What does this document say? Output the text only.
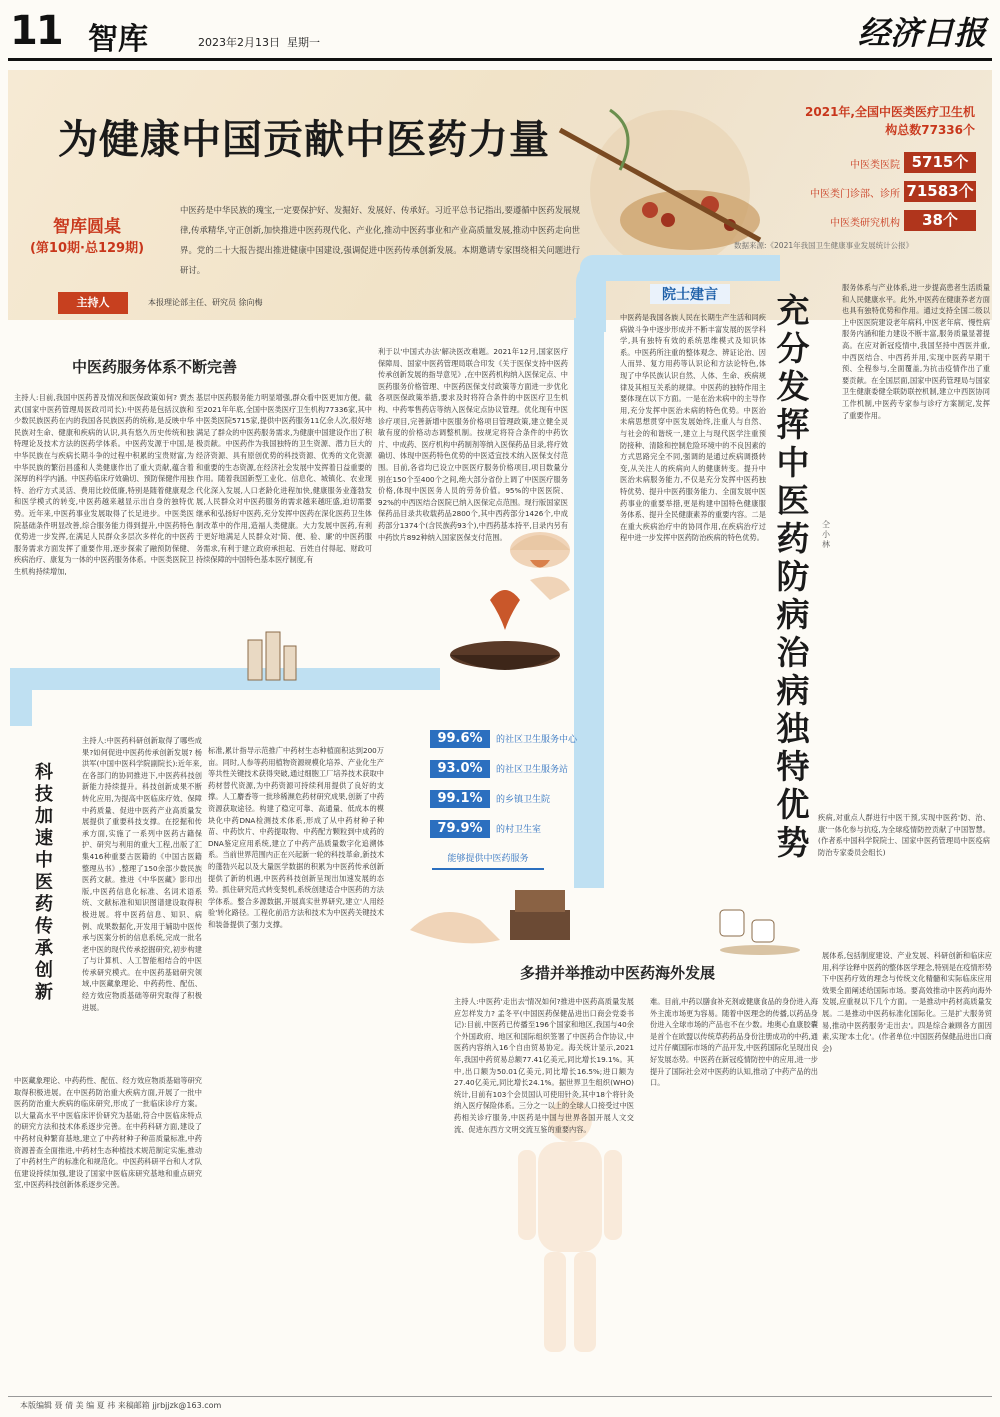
11 智库	2023年2月13日 星期一	经济日报
为健康中国贡献中医药力量
智库圆桌
(第10期·总129期)
中医药是中华民族的瑰宝,一定要保护好、发掘好、发展好、传承好。习近平总书记指出,要遵循中医药发展规律,传承精华,守正创新,加快推进中医药现代化、产业化,推动中医药事业和产业高质量发展,推动中医药走向世界。党的二十大报告提出推进健康中国建设,强调促进中医药传承创新发展。本期邀请专家围绕相关问题进行研讨。
主持人	本报理论部主任、研究员 徐向梅
2021年,全国中医类医疗卫生机构总数77336个
中医类医院 5715个
中医类门诊部、诊所 71583个
中医类研究机构	38个
数据来源:《2021年我国卫生健康事业发展统计公报》
中医药服务体系不断完善
主持人:目前,我国中医药普及情况和医保政策如何? 贾杰武(国家中医药管理局医政司司长):中医药是包括汉族和少数民族医药在内的我国各民族医药的统称,是反映中华民族对生命、健康和疾病的认识,具有悠久历史传统和独特理论及技术方法的医药学体系。中医药发源于中国,是中华民族在与疾病长期斗争的过程中积累的宝贵财富,为中华民族的繁衍昌盛和人类健康作出了重大贡献,蕴含着深厚的科学内涵。中医药临床疗效确切、预防保健作用独特、治疗方式灵活、费用比较低廉,特别是随着健康观念和医学模式的转变,中医药越来越显示出自身的独特优势。近年来,中医药事业发展取得了长足进步。中医类医院基础条件明显改善,综合服务能力得到提升,中医药特色优势进一步发挥,在满足人民群众多层次多样化的中医药服务需求方面发挥了重要作用,逐步探索了融预防保健、疾病治疗、康复为一体的中医药服务体系。中医类医院卫生机构持续增加,
基层中医药服务能力明显增强,群众看中医更加方便。截至2021年年底,全国中医类医疗卫生机构77336家,其中中医类医院5715家,提供中医药服务11亿余人次,很好地满足了群众的中医药服务需求,为健康中国建设作出了积极贡献。中医药作为我国独特的卫生资源、潜力巨大的经济资源、具有原创优势的科技资源、优秀的文化资源和重要的生态资源,在经济社会发展中发挥着日益重要的作用。随着我国新型工业化、信息化、城镇化、农业现代化深入发展,人口老龄化进程加快,健康服务业蓬勃发展,人民群众对中医药服务的需求越来越旺盛,迫切需要继承和弘扬好中医药,充分发挥中医药在深化医药卫生体制改革中的作用,造福人类健康。大力发展中医药,有利于更好地满足人民群众对'简、便、验、廉'的中医药服务需求,有利于建立政府承担起、百姓自付得起、财政可持续保障的中国特色基本医疗制度,有
利于以'中国式办法'解决医改难题。2021年12月,国家医疗保障局、国家中医药管理局联合印发《关于医保支持中医药传承创新发展的指导意见》,在中医药机构纳入医保定点、中医药服务价格管理、中医药医保支付政策等方面进一步优化各项医保政策举措,要求及时将符合条件的中医医疗卫生机构、中药零售药店等纳入医保定点协议管理。优化现有中医诊疗项目,完善新增中医服务价格项目管理政策,建立健全灵敏有度的价格动态调整机制。按规定将符合条件的中药饮片、中成药、医疗机构中药制剂等纳入医保药品目录,将疗效确切、体现中医药特色优势的中医适宜技术纳入医保支付范围。目前,各省均已设立中医医疗服务价格项目,项目数量分别在150个至400个之间,绝大部分省份上调了中医医疗服务价格,体现中医医务人员的劳务价值。95%的中医医院、92%的中西医结合医院已纳入医保定点范围。现行版国家医保药品目录共收载药品2800个,其中西药部分1426个,中成药部分1374个(含民族药93个),中西药基本持平,目录内另有中药饮片892种纳入国家医保支付范围。
99.6%	的社区卫生服务中心
93.0%	的社区卫生服务站
99.1%	的乡镇卫生院
79.9%	的村卫生室
能够提供中医药服务
科技加速中医药传承创新
主持人:中医药科研创新取得了哪些成果?如何促进中医药传承创新发展? 杨洪军(中国中医科学院副院长):近年来,在各部门的协同推进下,中医药科技创新能力持续提升。科技创新成果不断转化应用,为提高中医临床疗效、保障中药质量、促进中医药产业高质量发展提供了重要科技支撑。在挖掘和传承方面,实施了一系列中医药古籍保护、研究与利用的重大工程,出版了汇集416种重要古医籍的《中国古医籍整理丛书》,整理了150余部少数民族医药文献。推进《中华医藏》影印出版,中医药信息化标准、名词术语系统、文献标准和知识图谱建设取得积极进展。将中医药信息、知识、病例、成果数据化,开发用于辅助中医传承与医案分析的信息系统,完成一批名老中医的现代传承挖掘研究,初步构建了与计算机、人工智能相结合的中医传承研究模式。在中医药基础研究领域,中医藏象理论、中药药性、配伍、经方效应物质基础等研究取得了积极进展。
中医藏象理论、中药药性、配伍、经方效应物质基础等研究取得积极进展。在中医药防治重大疾病方面,开展了一批中医药防治重大疾病的临床研究,形成了一批临床诊疗方案。以大量高水平中医临床评价研究为基础,符合中医临床特点的研究方法和技术体系逐步完善。在中药科研方面,建设了中药材良种繁育基地,建立了中药材种子种苗质量标准,中药资源普查全面推进,中药材生态种植技术规范制定实施,推动了中药材生产的标准化和规范化。中医药科研平台和人才队伍建设持续加强,建设了国家中医临床研究基地和重点研究室,中医药科技创新体系逐步完善。
标准,累计指导示范推广中药材生态种植面积达到200万亩。同时,人参等药用植物资源规模化培养、产业化生产等共性关键技术获得突破,通过细胞工厂培养技术获取中药材替代资源,为中药资源可持续利用提供了良好的支撑。人工麝香等一批珍稀濒危药材研究成果,创新了中药资源获取途径。构建了稳定可靠、高通量、低成本的模块化中药DNA检测技术体系,形成了从中药材种子种苗、中药饮片、中药提取物、中药配方颗粒到中成药的DNA鉴定应用系统,建立了中药产品质量数字化追溯体系。当前世界范围内正在兴起新一轮的科技革命,新技术的蓬勃兴起以及大量医学数据的积累为中医药传承创新提供了新的机遇,中医药科技创新呈现出加速发展的态势。抓住研究范式转变契机,系统创建适合中医药的方法学体系。整合多源数据,开展真实世界研究,建立'人用经验'转化路径。工程化前沿方法和技术为中医药关键技术和装备提供了强力支撑。
院士建言	充分发挥中医药防病治病独特优势
仝小林
中医药是我国各族人民在长期生产生活和同疾病做斗争中逐步形成并不断丰富发展的医学科学,具有独特有效的系统思维模式及知识体系。中医药所注重的整体观念、辨证论治、因人而异、复方用药等认识论和方法论特色,体现了中华民族认识自然、人体、生命、疾病规律及其相互关系的规律。中医药的独特作用主要体现在以下方面。一是在治未病中的主导作用,充分发挥中医治未病的特色优势。中医治未病思想贯穿中医发展始终,注重人与自然、与社会的和谐统一,建立上与现代医学注重预防接种、清除和控制危险环境中的不良因素的方式思路完全不同,强调的是通过疾病调摄转变,从关注人的疾病向人的健康转变。提升中医治未病服务能力,不仅是充分发挥中医药独特优势、提升中医药服务能力、全面发展中医药事业的重要举措,更是构建中国特色健康服务体系、提升全民健康素养的重要内容。二是在重大疾病治疗中的协同作用,在疾病治疗过程中进一步发挥中医药防治疾病的特色优势。
服务体系与产业体系,进一步提高患者生活质量和人民健康水平。此外,中医药在健康养老方面也具有独特优势和作用。通过支持全国二级以上中医医院建设老年病科,中医老年病、慢性病服务内涵和能力建设不断丰富,服务质量显著提高。在应对新冠疫情中,我国坚持中西医并重,中西医结合、中西药并用,实现中医药早期干预、全程参与,全面覆盖,为抗击疫情作出了重要贡献。在全国层面,国家中医药管理局与国家卫生健康委健全联防联控机制,建立中西医协同工作机制,中医药专家参与诊疗方案制定,发挥了重要作用。
疾病,对重点人群进行中医干预,实现中医药'防、治、康'一体化参与抗疫,为全球疫情防控贡献了中国智慧。(作者系中国科学院院士、国家中医药管理局中医疫病防治专家委员会组长)
多措并举推动中医药海外发展
主持人:中医药'走出去'情况如何?推进中医药高质量发展应怎样发力? 孟冬平(中国医药保健品进出口商会党委书记):目前,中医药已传播至196个国家和地区,我国与40余个外国政府、地区和国际组织签署了中医药合作协议,中医药内容纳入16个自由贸易协定。海关统计显示,2021年,我国中药贸易总额77.41亿美元,同比增长19.1%。其中,出口额为50.01亿美元,同比增长16.5%;进口额为27.40亿美元,同比增长24.1%。据世界卫生组织(WHO)统计,目前有103个会员国认可使用针灸,其中18个将针灸纳入医疗保险体系。三分之一以上的全球人口接受过中医药相关诊疗服务,中医药是中国与世界各国开展人文交流、促进东西方文明交流互鉴的重要内容。
难。目前,中药以膳食补充剂或健康食品的身份进入海外主流市场更为容易。随着中医理念的传播,以药品身份进入全球市场的产品也不在少数。地奥心血康胶囊是首个在欧盟以传统草药药品身份注册成功的中药,通过片仔癀国际市场的产品开发,中医药国际化呈现出良好发展态势。中医药在新冠疫情防控中的应用,进一步提升了国际社会对中医药的认知,推动了中药产品的出口。
展体系,包括制度建设、产业发展、科研创新和临床应用,科学诠释中医药的整体医学理念,特别是在疫情形势下中医药疗效的理念与传统文化精髓和实际临床应用效果全面阐述给国际市场。要高效推动中医药向海外发展,应重视以下几个方面。一是推动中药材高质量发展。二是推动中医药标准化国际化。三是扩大服务贸易,推动中医药服务'走出去'。四是综合兼顾各方面因素,实现'本土化'。(作者单位:中国医药保健品进出口商会)
本版编辑 聂 倩 美 编 夏 祎 来稿邮箱 jjrbjjzk@163.com
